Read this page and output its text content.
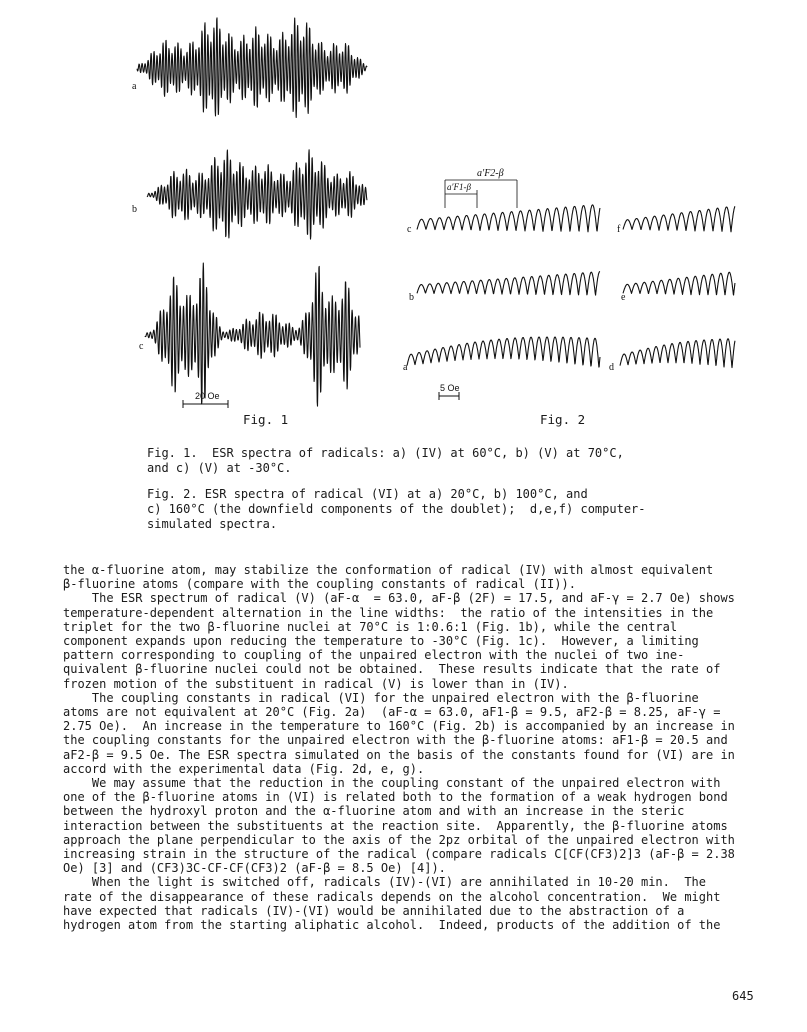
a
b
c
20 Oe
a′F2-β
a′F1-β
c
b
a
f
e
d
5 Oe
Fig. 1	Fig. 2
Fig. 1.  ESR spectra of radicals: a) (IV) at 60°C, b) (V) at 70°C,
and c) (V) at -30°C.
Fig. 2. ESR spectra of radical (VI) at a) 20°C, b) 100°C, and
c) 160°C (the downfield components of the doublet);  d,e,f) computer-
simulated spectra.

the α-fluorine atom, may stabilize the conformation of radical (IV) with almost equivalent

β-fluorine atoms (compare with the coupling constants of radical (II)).

The ESR spectrum of radical (V) (aF-α  = 63.0, aF-β (2F) = 17.5, and aF-γ = 2.7 Oe) shows

temperature-dependent alternation in the line widths:  the ratio of the intensities in the

triplet for the two β-fluorine nuclei at 70°C is 1:0.6:1 (Fig. 1b), while the central

component expands upon reducing the temperature to -30°C (Fig. 1c).  However, a limiting

pattern corresponding to coupling of the unpaired electron with the nuclei of two ine-

quivalent β-fluorine nuclei could not be obtained.  These results indicate that the rate of

frozen motion of the substituent in radical (V) is lower than in (IV).

The coupling constants in radical (VI) for the unpaired electron with the β-fluorine

atoms are not equivalent at 20°C (Fig. 2a)  (aF-α = 63.0, aF1-β = 9.5, aF2-β = 8.25, aF-γ =

2.75 Oe).  An increase in the temperature to 160°C (Fig. 2b) is accompanied by an increase in

the coupling constants for the unpaired electron with the β-fluorine atoms: aF1-β = 20.5 and

aF2-β = 9.5 Oe. The ESR spectra simulated on the basis of the constants found for (VI) are in

accord with the experimental data (Fig. 2d, e, g).

We may assume that the reduction in the coupling constant of the unpaired electron with

one of the β-fluorine atoms in (VI) is related both to the formation of a weak hydrogen bond

between the hydroxyl proton and the α-fluorine atom and with an increase in the steric

interaction between the substituents at the reaction site.  Apparently, the β-fluorine atoms

approach the plane perpendicular to the axis of the 2pz orbital of the unpaired electron with

increasing strain in the structure of the radical (compare radicals C[CF(CF3)2]3 (aF-β = 2.38

Oe) [3] and (CF3)3C-CF-CF(CF3)2 (aF-β = 8.5 Oe) [4]).

When the light is switched off, radicals (IV)-(VI) are annihilated in 10-20 min.  The

rate of the disappearance of these radicals depends on the alcohol concentration.  We might

have expected that radicals (IV)-(VI) would be annihilated due to the abstraction of a

hydrogen atom from the starting aliphatic alcohol.  Indeed, products of the addition of the

645
